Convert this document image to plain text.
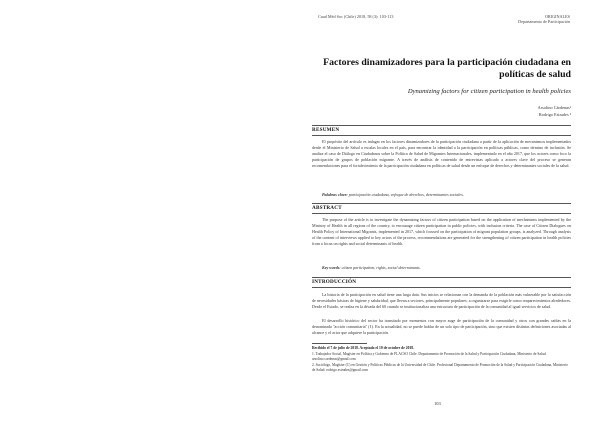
Cuad Méd Soc (Chile) 2018, 58 (3): 103-113	ORIGINALES
Departamento de Participación
Factores dinamizadores para la participación ciudadana en políticas de salud
Dynamizing factors for citizen participation in health policies
Arsolino Cárdenas¹
Rodrigo Estrades ²
RESUMEN
El propósito del artículo es indagar en los factores dinamizadores de la participación ciudadana a partir de la aplicación de mecanismos implementados desde el Ministerio de Salud a escalas locales en el país, para encontrar la identidad a la participación en políticas públicas, como término de inclusión. Se analiza el caso de Diálogo en Ciudadanos sobre la Política de Salud de Migrantes Internacionales, implementado en el año 2017, que los actores como foco la participación de grupos de población migrante. A través de análisis de contenido de entrevistas aplicado a actores clave del proceso se generan recomendaciones para el fortalecimiento de la participación ciudadana en políticas de salud desde un enfoque de derechos y determinantes sociales de la salud.
Palabras clave: participación ciudadana, enfoque de derechos, determinantes sociales.
ABSTRACT
The purpose of the article is to investigate the dynamizing factors of citizen participation based on the application of mechanisms implemented by the Ministry of Health in all regions of the country, to encourage citizen participation in public policies, with inclusion criteria. The case of Citizen Dialogues on Health Policy of International Migrants, implemented in 2017, which focused on the participation of migrant population groups, is analyzed. Through analysis of the content of interviews applied to key actors of the process, recommendations are generated for the strengthening of citizen participation in health policies from a focus on rights and social determinants of health.
Key words: citizen participation, rights, social determinants.
INTRODUCCIÓN
La historia de la participación en salud tiene una larga data. Sus inicios se relacionan con la demanda de la población más vulnerable por la satisfacción de necesidades básicas de higiene y salubridad, que llevan a sectores, principalmente populares, a organizarse para exigirle como reaparecimientos alrededores. Desde el Estado, se realza en la década del 60 cuando se institucionaliza una estructura de participación de la comunidad al igual servicios de salud.
El desarrollo histórico del sector ha transitado por momentos con mayor auge de participación de la comunidad y otros con grandes caídas en la denominada "acción comunitaria" (1). En la actualidad, no se puede hablar de un solo tipo de participación, sino que existen distintas definiciones asociadas al alcance y el actor que adquiere la participación.
Recibido el 7 de julio de 2018. Aceptado el 10 de octubre de 2018.
1. Trabajador Social, Magíster en Política y Gobierno de FLACSO Chile. Departamento de Promoción de la Salud y Participación Ciudadana, Ministerio de Salud. arsolino.cardenas@gmail.com
2. Sociólogo, Magíster (C) en Gestión y Políticas Públicas de la Universidad de Chile. Profesional Departamento de Promoción de la Salud y Participación Ciudadana, Ministerio de Salud. rodrigo.estrades@gmail.com
103
